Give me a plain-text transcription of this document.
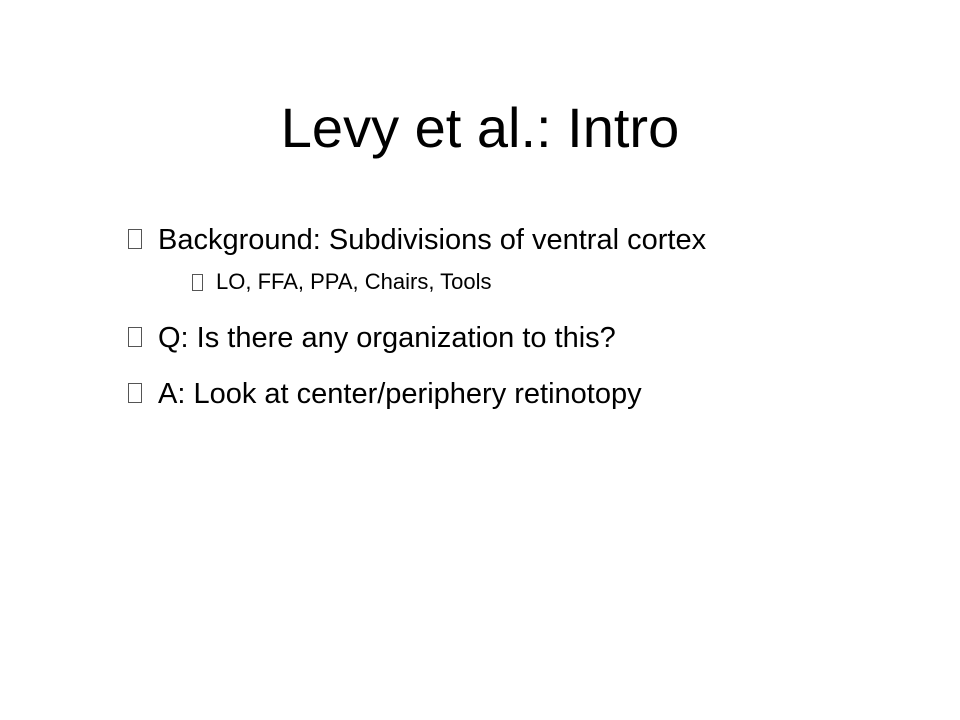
Levy et al.: Intro
Background: Subdivisions of ventral cortex
LO, FFA, PPA, Chairs, Tools
Q: Is there any organization to this?
A: Look at center/periphery retinotopy
